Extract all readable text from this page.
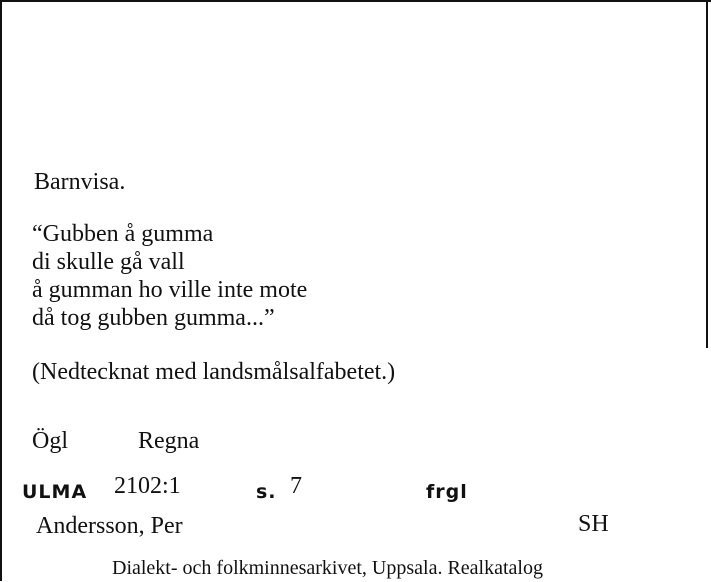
Barnvisa.
“Gubben å gumma
di skulle gå vall
å gumman ho ville inte mote
då tog gubben gumma...”
(Nedtecknat med landsmålsalfabetet.)
Ögl	Regna
ULMA 2102:1	s. 7	frgl
Andersson, Per	SH
Dialekt- och folkminnesarkivet, Uppsala. Realkatalog
